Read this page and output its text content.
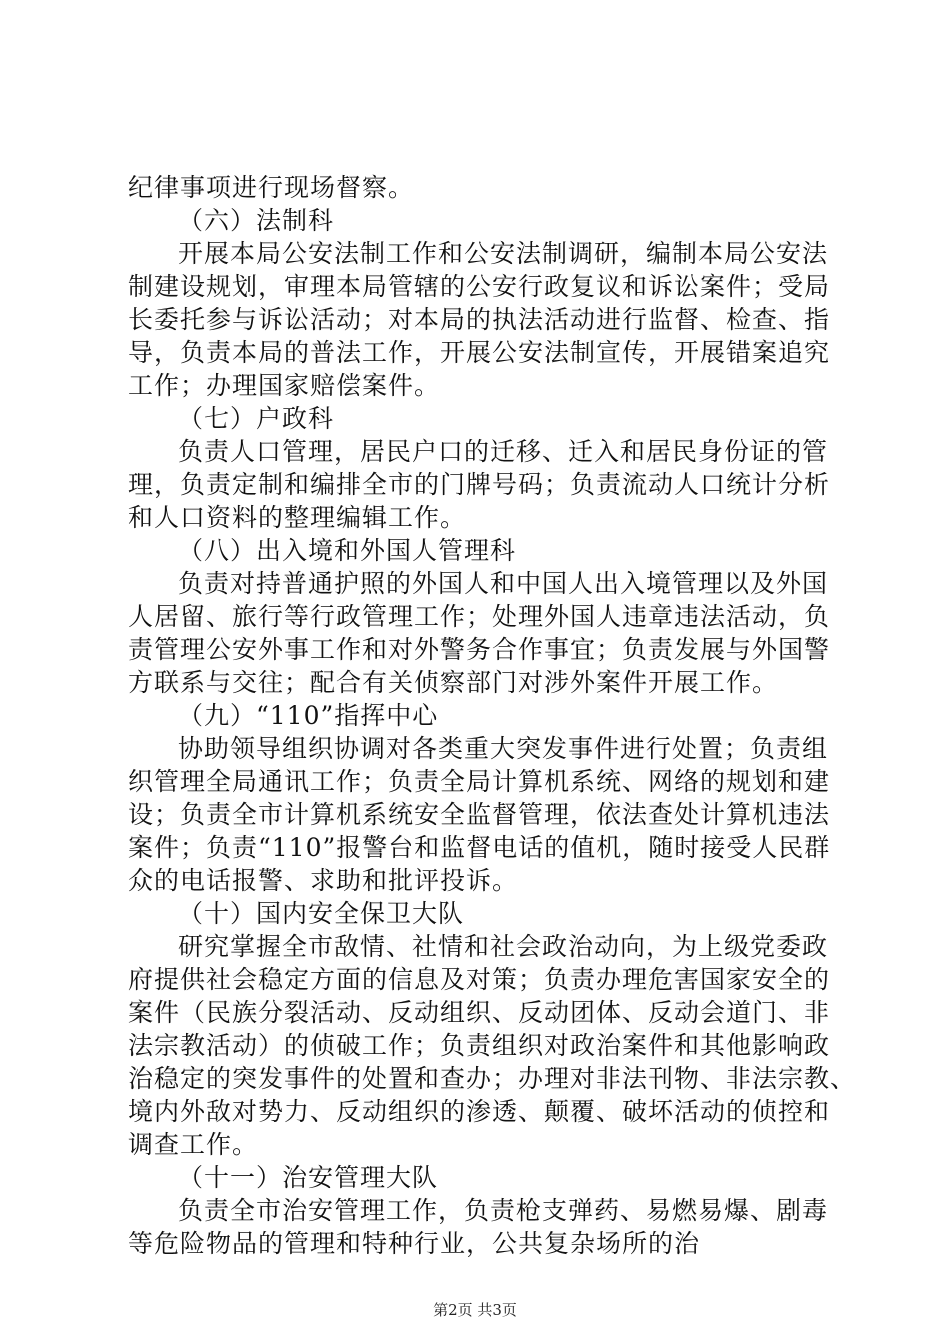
纪律事项进行现场督察。
（六）法制科
开展本局公安法制工作和公安法制调研，编制本局公安法
制建设规划，审理本局管辖的公安行政复议和诉讼案件；受局
长委托参与诉讼活动；对本局的执法活动进行监督、检查、指
导，负责本局的普法工作，开展公安法制宣传，开展错案追究
工作；办理国家赔偿案件。
（七）户政科
负责人口管理，居民户口的迁移、迁入和居民身份证的管
理，负责定制和编排全市的门牌号码；负责流动人口统计分析
和人口资料的整理编辑工作。
（八）出入境和外国人管理科
负责对持普通护照的外国人和中国人出入境管理以及外国
人居留、旅行等行政管理工作；处理外国人违章违法活动，负
责管理公安外事工作和对外警务合作事宜；负责发展与外国警
方联系与交往；配合有关侦察部门对涉外案件开展工作。
（九）“110”指挥中心
协助领导组织协调对各类重大突发事件进行处置；负责组
织管理全局通讯工作；负责全局计算机系统、网络的规划和建
设；负责全市计算机系统安全监督管理，依法查处计算机违法
案件；负责“110”报警台和监督电话的值机，随时接受人民群
众的电话报警、求助和批评投诉。
（十）国内安全保卫大队
研究掌握全市敌情、社情和社会政治动向，为上级党委政
府提供社会稳定方面的信息及对策；负责办理危害国家安全的
案件（民族分裂活动、反动组织、反动团体、反动会道门、非
法宗教活动）的侦破工作；负责组织对政治案件和其他影响政
治稳定的突发事件的处置和查办；办理对非法刊物、非法宗教、
境内外敌对势力、反动组织的渗透、颠覆、破坏活动的侦控和
调查工作。
（十一）治安管理大队
负责全市治安管理工作，负责枪支弹药、易燃易爆、剧毒
等危险物品的管理和特种行业，公共复杂场所的治
第2页 共3页
